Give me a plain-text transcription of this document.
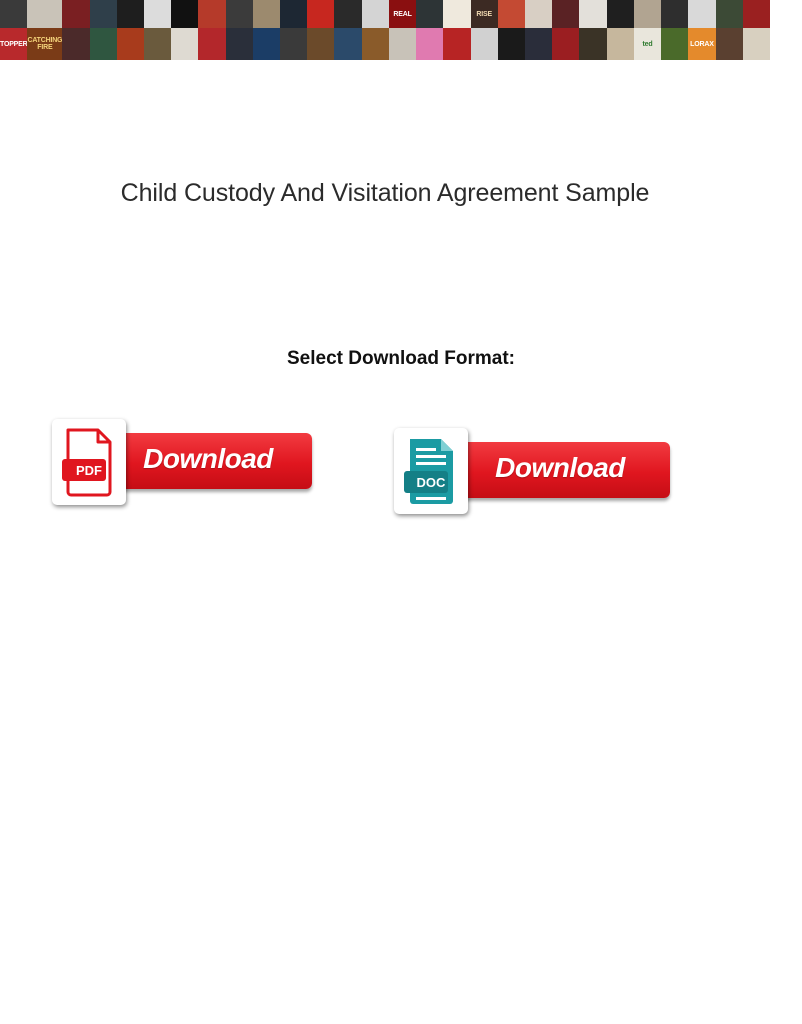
REAL	RISE
TOPPER CATCHING FIRE	ted	LORAX
Child Custody And Visitation Agreement Sample

Select Download Format:

Download
PDF	Download
DOC
